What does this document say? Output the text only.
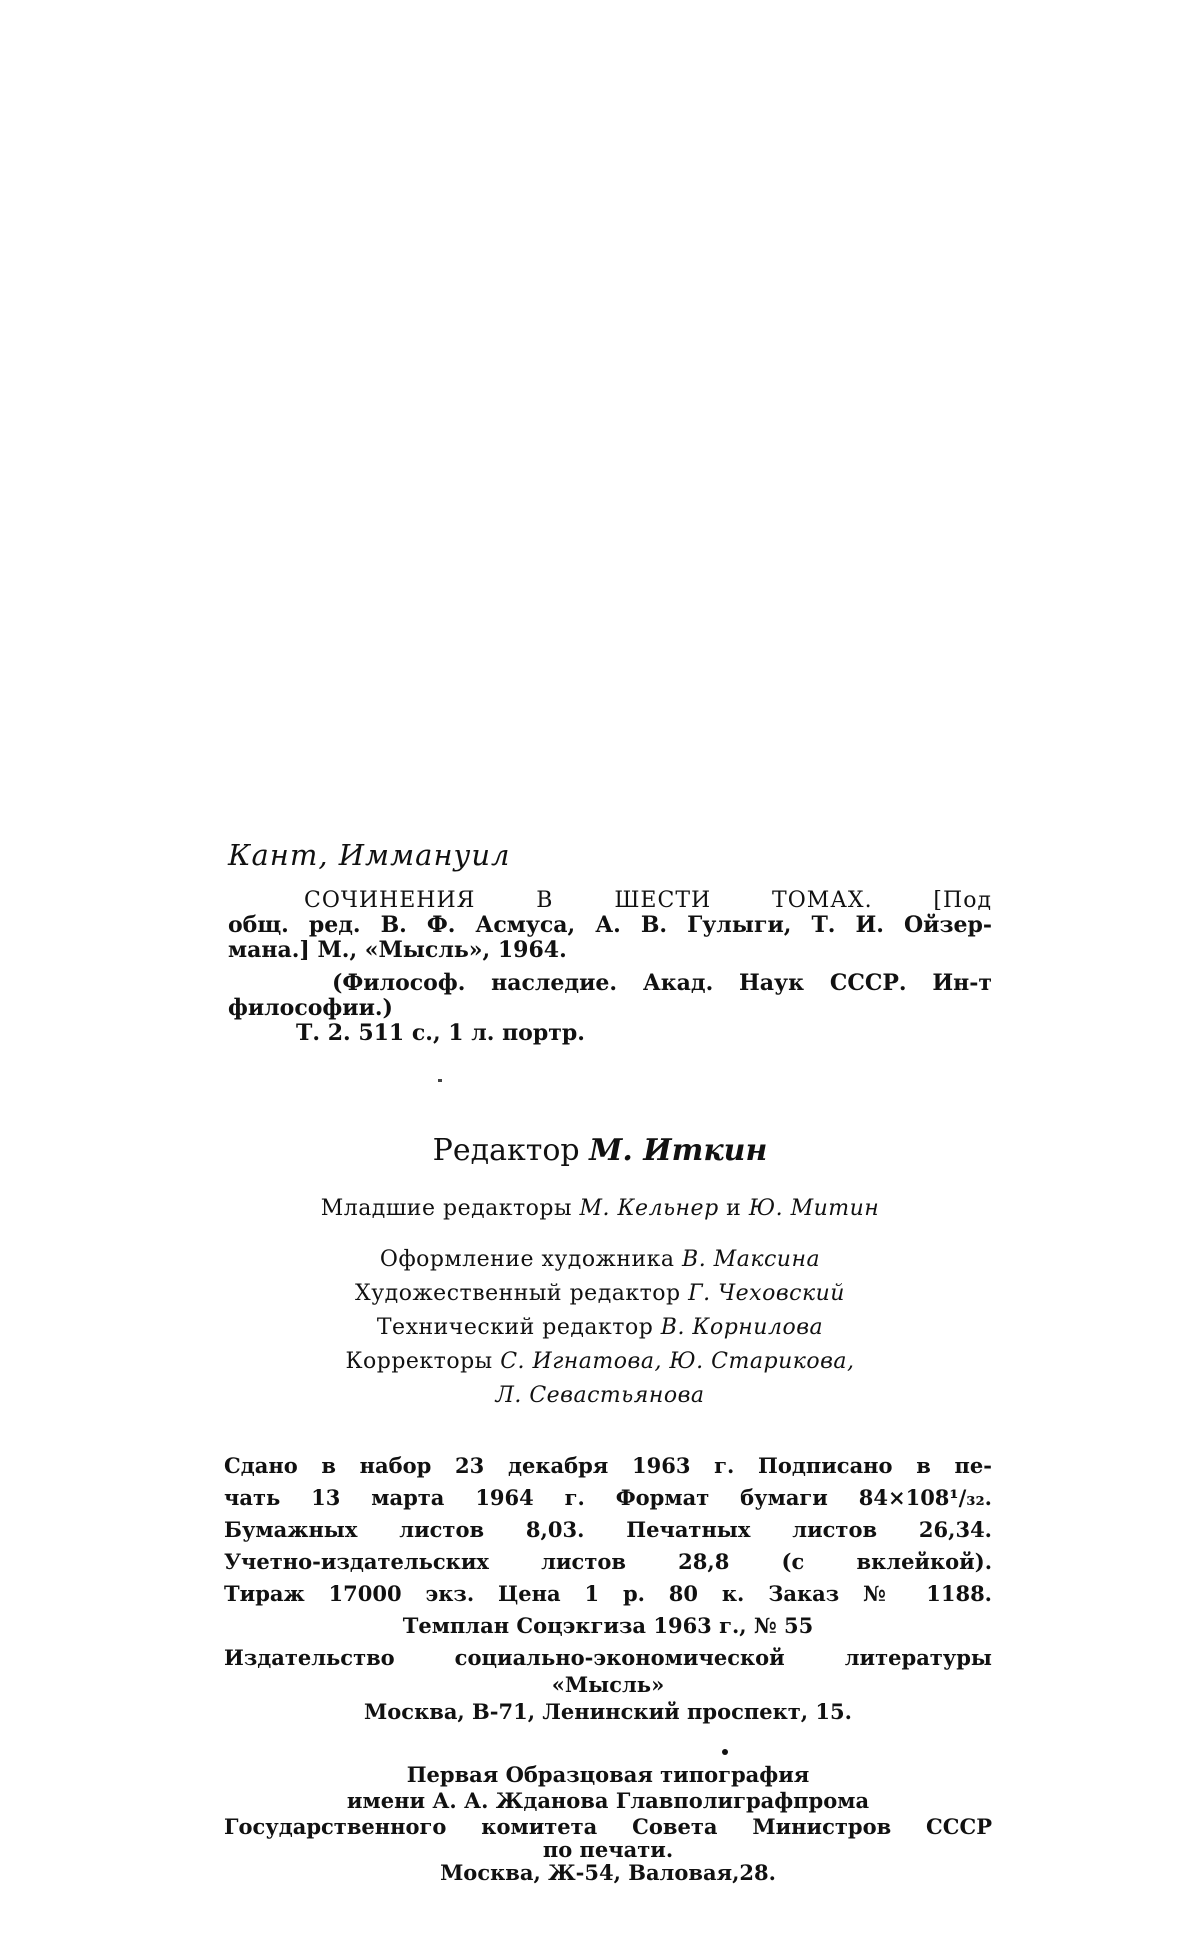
Кант, Иммануил
СОЧИНЕНИЯ В ШЕСТИ ТОМАХ. [Под
общ. ред. В. Ф. Асмуса, А. В. Гулыги, Т. И. Ойзер-
мана.] М., «Мысль», 1964.
(Философ. наследие. Акад. Наук СССР. Ин-т
философии.)
Т. 2. 511 с., 1 л. портр.
Редактор М. Иткин
Младшие редакторы М. Кельнер и Ю. Митин
Оформление художника В. Максина
Художественный редактор Г. Чеховский
Технический редактор В. Корнилова
Корректоры С. Игнатова, Ю. Старикова,
Л. Севастьянова
Сдано в набор 23 декабря 1963 г. Подписано в пе-
чать 13 марта 1964 г. Формат бумаги 84×108¹/₃₂.
Бумажных листов 8,03. Печатных листов 26,34.
Учетно-издательских листов 28,8 (с вклейкой).
Тираж 17000 экз. Цена 1 р. 80 к. Заказ № 1188.
Темплан Соцэкгиза 1963 г., № 55
Издательство социально-экономической литературы
«Мысль»
Москва, В-71, Ленинский проспект, 15.
Первая Образцовая типография
имени А. А. Жданова Главполиграфпрома
Государственного комитета Совета Министров СССР
по печати.
Москва, Ж-54, Валовая,28.
